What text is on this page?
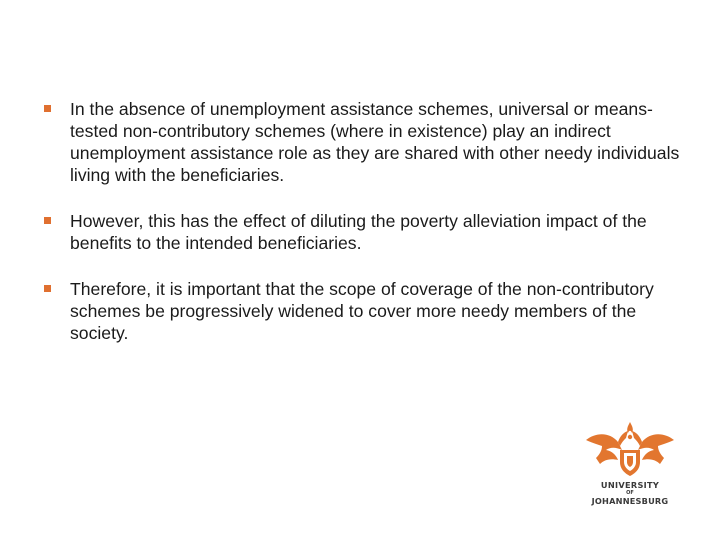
In the absence of unemployment assistance schemes, universal or means-tested non-contributory schemes (where in existence) play an indirect unemployment assistance role as they are shared with other needy individuals living with the beneficiaries.
However, this has the effect of diluting the poverty alleviation impact of the benefits to the intended beneficiaries.
Therefore, it is important that the scope of coverage of the non-contributory schemes be progressively widened to cover more needy members of the society.
UNIVERSITY
OF
JOHANNESBURG
